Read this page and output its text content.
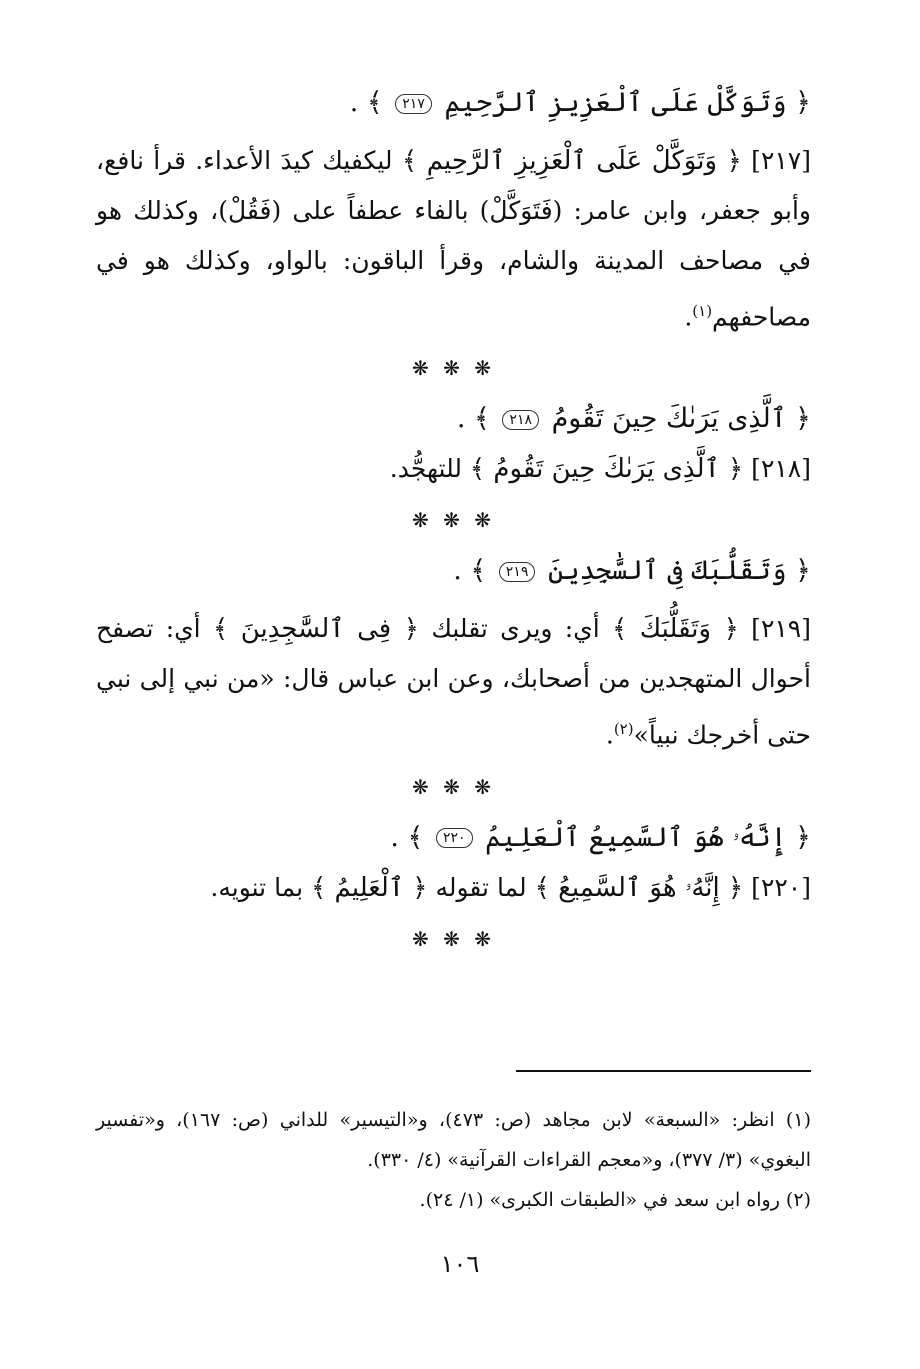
﴿ وَتَوَكَّلْ عَلَى ٱلْعَزِيزِ ٱلرَّحِيمِ ٢١٧ ﴾ .

[٢١٧] ﴿ وَتَوَكَّلْ عَلَى ٱلْعَزِيزِ ٱلرَّحِيمِ ﴾ ليكفيك كيدَ الأعداء. قرأ نافع، وأبو جعفر، وابن عامر: (فَتَوَكَّلْ) بالفاء عطفاً على (فَقُلْ)، وكذلك هو في مصاحف المدينة والشام، وقرأ الباقون: بالواو، وكذلك هو في مصاحفهم$^{(١)}$.

❋ ❋ ❋

﴿ ٱلَّذِى يَرَىٰكَ حِينَ تَقُومُ ٢١٨ ﴾ .

[٢١٨] ﴿ ٱلَّذِى يَرَىٰكَ حِينَ تَقُومُ ﴾ للتهجُّد.

❋ ❋ ❋

﴿ وَتَقَلُّبَكَ فِى ٱلسَّٰجِدِينَ ٢١٩ ﴾ .

[٢١٩] ﴿ وَتَقَلُّبَكَ ﴾ أي: ويرى تقلبك ﴿ فِى ٱلسَّٰجِدِينَ ﴾ أي: تصفح أحوال المتهجدين من أصحابك، وعن ابن عباس قال: «من نبي إلى نبي حتى أخرجك نبياً»$^{(٢)}$.

❋ ❋ ❋

﴿ إِنَّهُۥ هُوَ ٱلسَّمِيعُ ٱلْعَلِيمُ ٢٢٠ ﴾ .

[٢٢٠] ﴿ إِنَّهُۥ هُوَ ٱلسَّمِيعُ ﴾ لما تقوله ﴿ ٱلْعَلِيمُ ﴾ بما تنويه.

❋ ❋ ❋

(١) انظر: «السبعة» لابن مجاهد (ص: ٤٧٣)، و«التيسير» للداني (ص: ١٦٧)، و«تفسير البغوي» (٣/ ٣٧٧)، و«معجم القراءات القرآنية» (٤/ ٣٣٠).

(٢) رواه ابن سعد في «الطبقات الكبرى» (١/ ٢٤).

١٠٦
